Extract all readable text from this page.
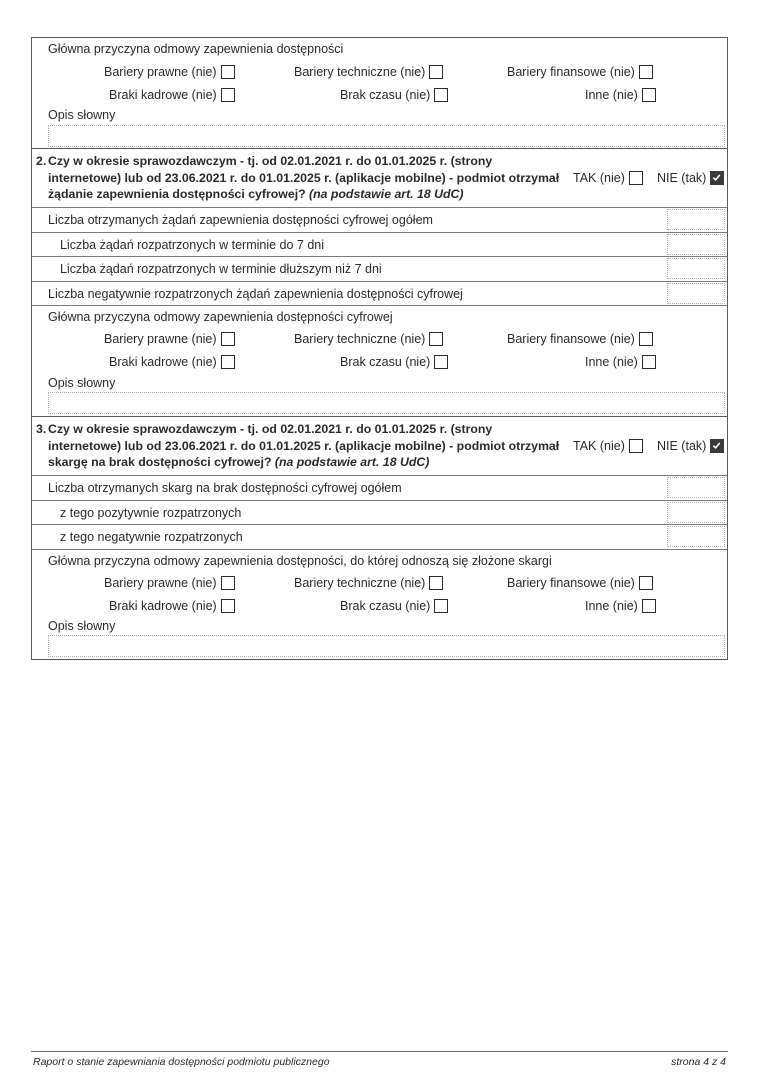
Główna przyczyna odmowy zapewnienia dostępności
Bariery prawne (nie)	Bariery techniczne (nie)	Bariery finansowe (nie)
Braki kadrowe (nie)	Brak czasu (nie)	Inne (nie)
Opis słowny
2. Czy w okresie sprawozdawczym - tj. od 02.01.2021 r. do 01.01.2025 r. (strony
internetowe) lub od 23.06.2021 r. do 01.01.2025 r. (aplikacje mobilne) - podmiot otrzymał
żądanie zapewnienia dostępności cyfrowej? (na podstawie art. 18 UdC)
TAK (nie)	NIE (tak)
Liczba otrzymanych żądań zapewnienia dostępności cyfrowej ogółem
Liczba żądań rozpatrzonych w terminie do 7 dni
Liczba żądań rozpatrzonych w terminie dłuższym niż 7 dni
Liczba negatywnie rozpatrzonych żądań zapewnienia dostępności cyfrowej
Główna przyczyna odmowy zapewnienia dostępności cyfrowej
Bariery prawne (nie)	Bariery techniczne (nie)	Bariery finansowe (nie)
Braki kadrowe (nie)	Brak czasu (nie)	Inne (nie)
Opis słowny
3. Czy w okresie sprawozdawczym - tj. od 02.01.2021 r. do 01.01.2025 r. (strony
internetowe) lub od 23.06.2021 r. do 01.01.2025 r. (aplikacje mobilne) - podmiot otrzymał
skargę na brak dostępności cyfrowej? (na podstawie art. 18 UdC)
TAK (nie)	NIE (tak)
Liczba otrzymanych skarg na brak dostępności cyfrowej ogółem
z tego pozytywnie rozpatrzonych
z tego negatywnie rozpatrzonych
Główna przyczyna odmowy zapewnienia dostępności, do której odnoszą się złożone skargi
Bariery prawne (nie)	Bariery techniczne (nie)	Bariery finansowe (nie)
Braki kadrowe (nie)	Brak czasu (nie)	Inne (nie)
Opis słowny
Raport o stanie zapewniania dostępności podmiotu publicznego	strona 4 z 4
